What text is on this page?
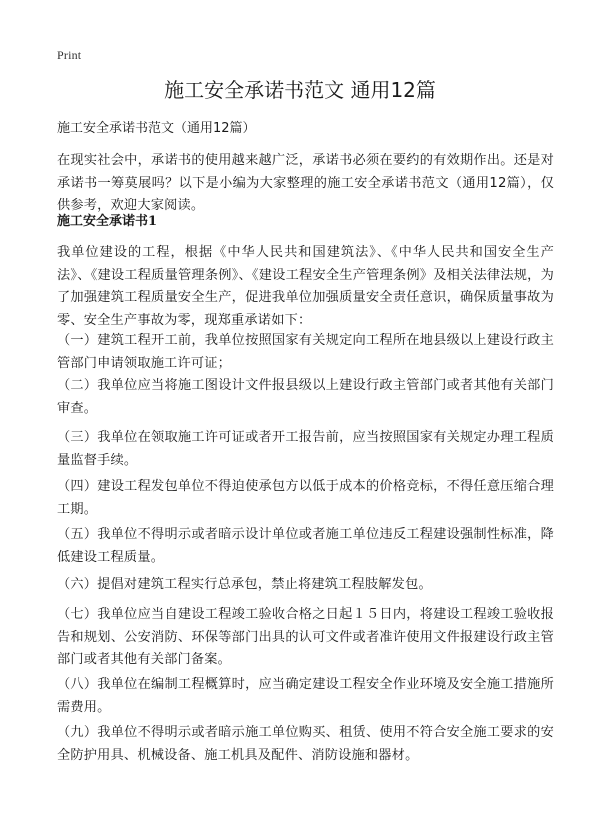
Print
施工安全承诺书范文 通用12篇
施工安全承诺书范文（通用12篇）

在现实社会中，承诺书的使用越来越广泛，承诺书必须在要约的有效期作出。还是对承诺书一筹莫展吗？以下是小编为大家整理的施工安全承诺书范文（通用12篇），仅供参考，欢迎大家阅读。

施工安全承诺书1

我单位建设的工程，根据《中华人民共和国建筑法》、《中华人民共和国安全生产法》、《建设工程质量管理条例》、《建设工程安全生产管理条例》及相关法律法规，为了加强建筑工程质量安全生产，促进我单位加强质量安全责任意识，确保质量事故为零、安全生产事故为零，现郑重承诺如下：

（一）建筑工程开工前，我单位按照国家有关规定向工程所在地县级以上建设行政主管部门申请领取施工许可证；

（二）我单位应当将施工图设计文件报县级以上建设行政主管部门或者其他有关部门审查。

（三）我单位在领取施工许可证或者开工报告前，应当按照国家有关规定办理工程质量监督手续。

（四）建设工程发包单位不得迫使承包方以低于成本的价格竞标，不得任意压缩合理工期。

（五）我单位不得明示或者暗示设计单位或者施工单位违反工程建设强制性标准，降低建设工程质量。

（六）提倡对建筑工程实行总承包，禁止将建筑工程肢解发包。

（七）我单位应当自建设工程竣工验收合格之日起１５日内，将建设工程竣工验收报告和规划、公安消防、环保等部门出具的认可文件或者准许使用文件报建设行政主管部门或者其他有关部门备案。

（八）我单位在编制工程概算时，应当确定建设工程安全作业环境及安全施工措施所需费用。

（九）我单位不得明示或者暗示施工单位购买、租赁、使用不符合安全施工要求的安全防护用具、机械设备、施工机具及配件、消防设施和器材。
